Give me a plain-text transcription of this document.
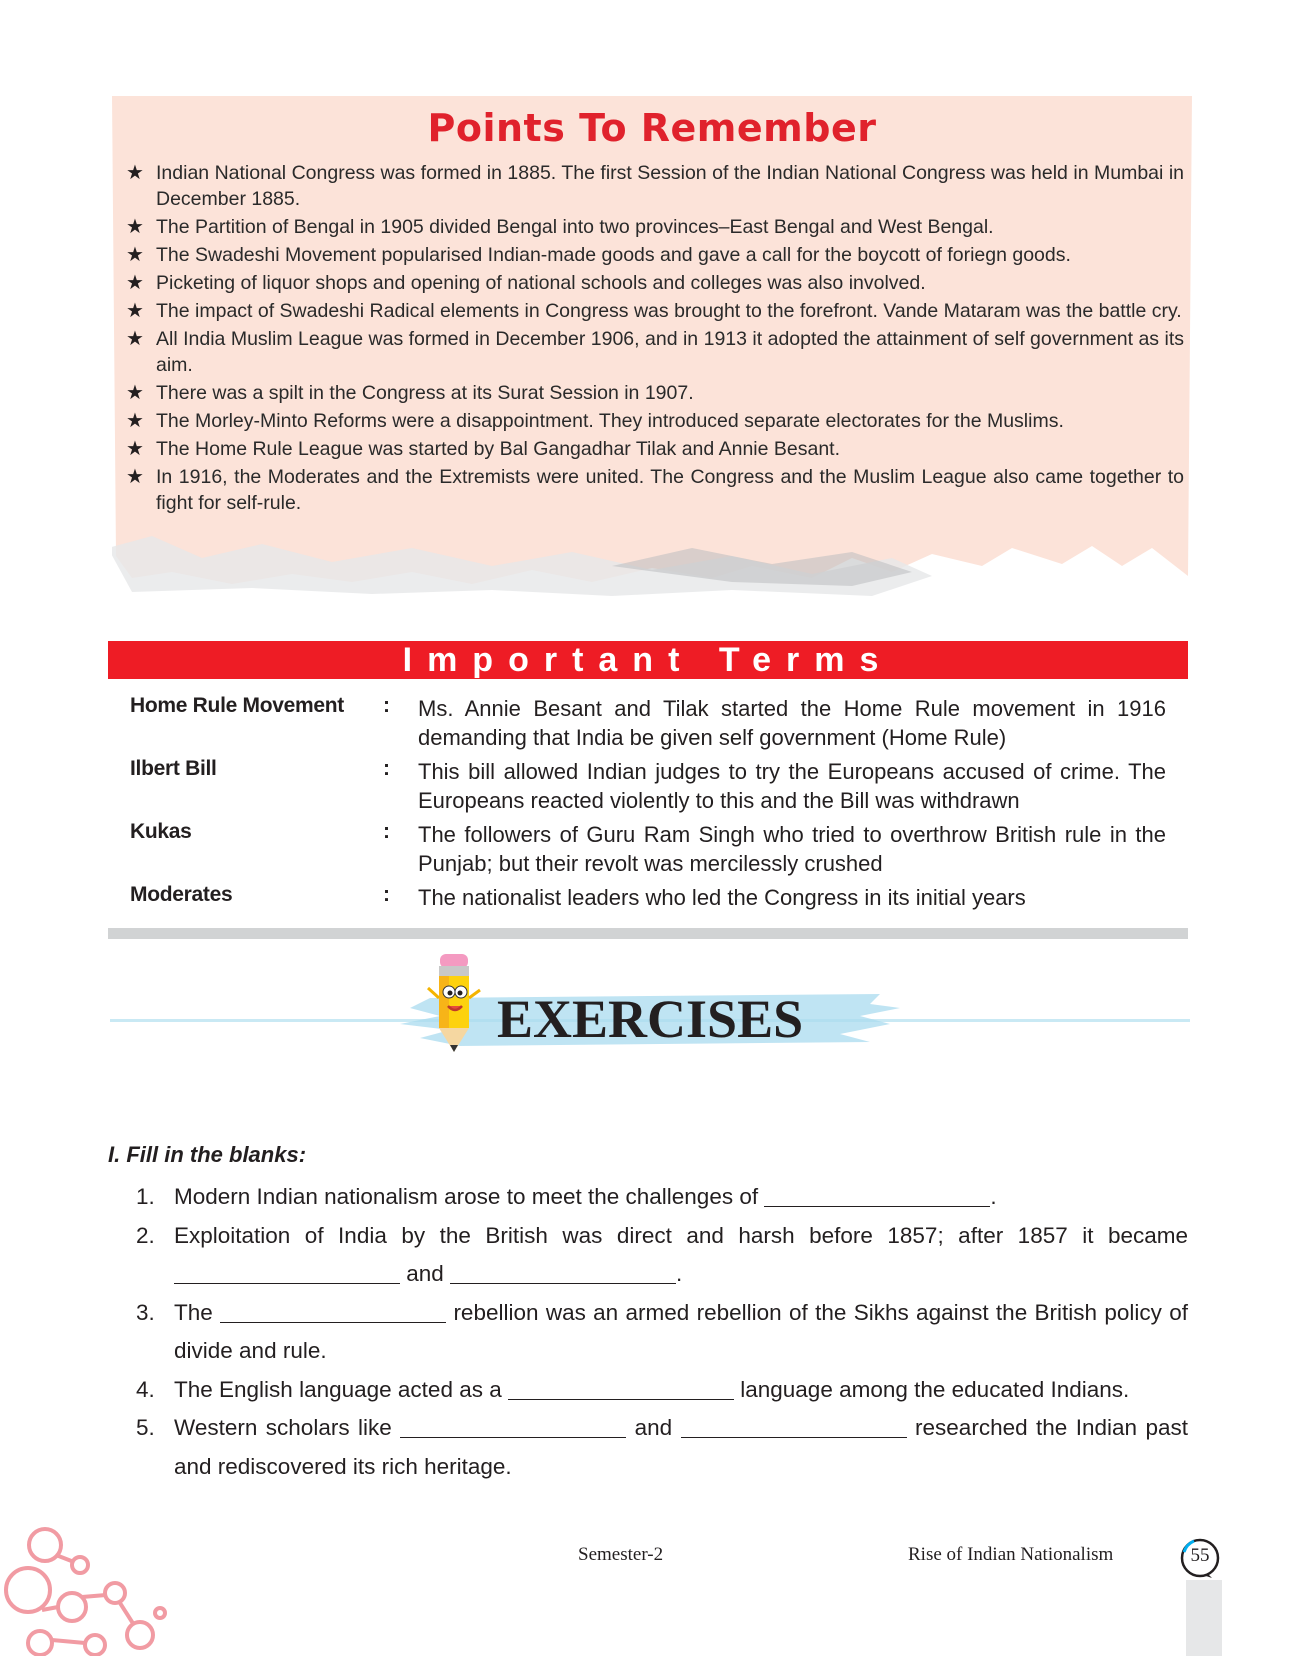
Points To Remember
★ Indian National Congress was formed in 1885. The first Session of the Indian National Congress was held in Mumbai in December 1885.
★ The Partition of Bengal in 1905 divided Bengal into two provinces–East Bengal and West Bengal.
★ The Swadeshi Movement popularised Indian-made goods and gave a call for the boycott of foriegn goods.
★ Picketing of liquor shops and opening of national schools and colleges was also involved.
★ The impact of Swadeshi Radical elements in Congress was brought to the forefront. Vande Mataram was the battle cry.
★ All India Muslim League was formed in December 1906, and in 1913 it adopted the attainment of self government as its aim.
★ There was a spilt in the Congress at its Surat Session in 1907.
★ The Morley-Minto Reforms were a disappointment. They introduced separate electorates for the Muslims.
★ The Home Rule League was started by Bal Gangadhar Tilak and Annie Besant.
★ In 1916, the Moderates and the Extremists were united. The Congress and the Muslim League also came together to fight for self-rule.
Important Terms
Home Rule Movement : Ms. Annie Besant and Tilak started the Home Rule movement in 1916 demanding that India be given self government (Home Rule)
Ilbert Bill	: This bill allowed Indian judges to try the Europeans accused of crime. The Europeans reacted violently to this and the Bill was withdrawn
Kukas	: The followers of Guru Ram Singh who tried to overthrow British rule in the Punjab; but their revolt was mercilessly crushed
Moderates	: The nationalist leaders who led the Congress in its initial years
EXERCISES
I. Fill in the blanks:
1. Modern Indian nationalism arose to meet the challenges of	.
2. Exploitation of India by the British was direct and harsh before 1857; after 1857 it became  and	.
3. The	rebellion was an armed rebellion of the Sikhs against the British policy of divide and rule.
4. The English language acted as a	language among the educated Indians.
5. Western scholars like	and	researched the Indian past and rediscovered its rich heritage.

Semester-2	Rise of Indian Nationalism	55
